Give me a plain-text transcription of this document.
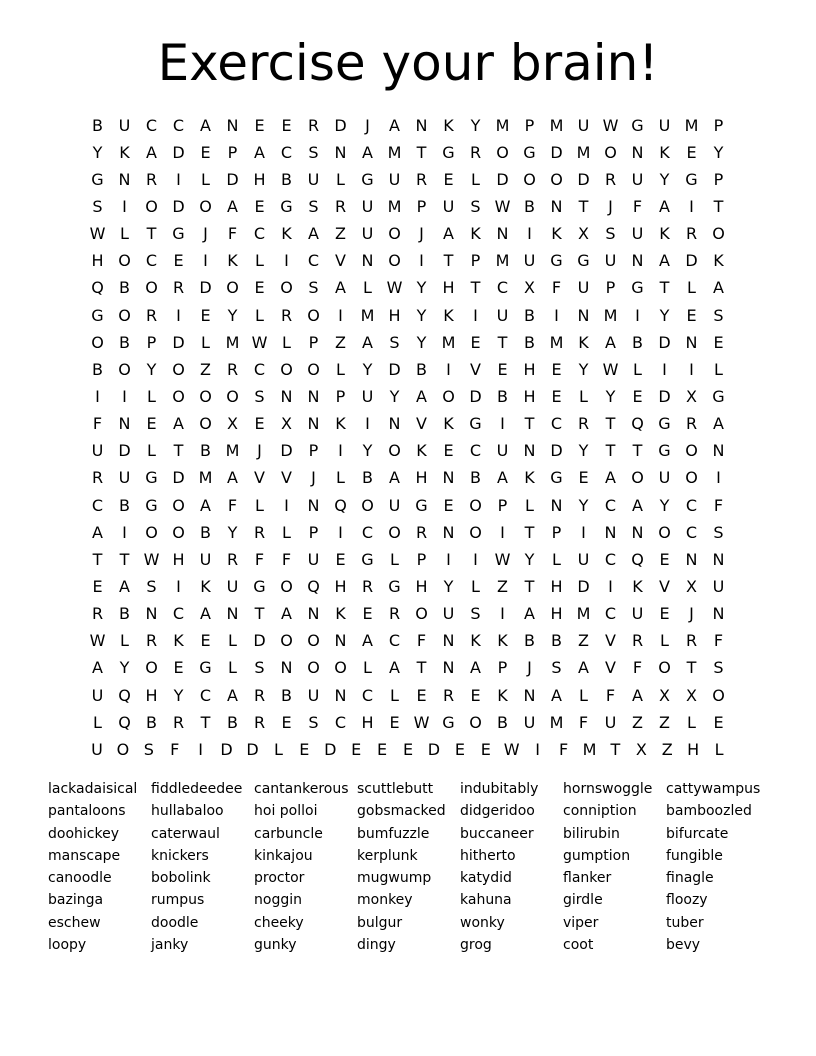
Exercise your brain!
B U C C A N E	E	R D	J	A N K	Y M P M U W G U M P
Y	K	A D E	P	A C	S N A M T G R O G D M O N K	E	Y
G N R	I	L	D H B U	L	G U R	E	L	D O O D R U	Y G P
S	I	O D O A	E G S	R U M P	U	S W B N	T	J	F	A	I	T
W L	T G	J	F	C	K	A	Z U O	J	A	K N	I	K	X	S	U K	R O
H O C	E	I	K	L	I	C V N O	I	T	P M U G G U N A D K
Q B O R D O E O S	A	L W Y	H	T	C X	F	U	P G T	L	A
G O R	I	E	Y	L	R O	I	M H	Y	K	I	U B	I	N M	I	Y	E	S
O B	P	D	L M W L	P	Z	A	S	Y M E	T	B M K	A	B D N E
B O Y O Z R C O O	L	Y D B	I	V	E H E	Y W L	I	I	L
I	I	L	O O O S N N	P	U	Y	A O D B H E	L	Y	E D X G
F	N E	A O X	E	X N K	I	N V	K G	I	T	C R	T Q G R A
U D	L	T	B M	J	D	P	I	Y O K	E	C U N D Y	T	T G O N
R U G D M A	V	V	J	L	B	A H N B	A	K G E	A O U O	I
C B G O A	F	L	I	N Q O U G E O P	L	N	Y	C A	Y	C	F
A	I	O O B	Y	R	L	P	I	C O R N O	I	T	P	I	N N O C	S
T	T W H U R	F	F	U	E G	L	P	I	I	W Y	L	U C Q E N N
E	A	S	I	K U G O Q H R G H	Y	L	Z	T	H D	I	K	V	X U
R B N C A N	T	A N K	E	R O U	S	I	A H M C U	E	J	N
W L	R	K	E	L	D O O N A C	F	N K	K	B	B	Z	V R	L	R	F
A	Y O E G	L	S N O O	L	A	T	N A	P	J	S	A	V	F	O T	S
U Q H	Y	C A R B U N C	L	E	R	E	K N A	L	F	A	X	X O
L	Q B R	T	B R	E	S	C H E W G O B U M F	U Z	Z	L	E
U O S	F	I	D D L	E D E E E D E E W I	F M T X Z H L
lackadaisical
pantaloons
doohickey
manscape
canoodle
bazinga
eschew
loopy
fiddledeedee
hullabaloo
caterwaul
knickers
bobolink
rumpus
doodle
janky
cantankerous
hoi polloi
carbuncle
kinkajou
proctor
noggin
cheeky
gunky
scuttlebutt
gobsmacked
bumfuzzle
kerplunk
mugwump
monkey
bulgur
dingy
indubitably
didgeridoo
buccaneer
hitherto
katydid
kahuna
wonky
grog
hornswoggle
conniption
bilirubin
gumption
flanker
girdle
viper
coot
cattywampus
bamboozled
bifurcate
fungible
finagle
floozy
tuber
bevy
